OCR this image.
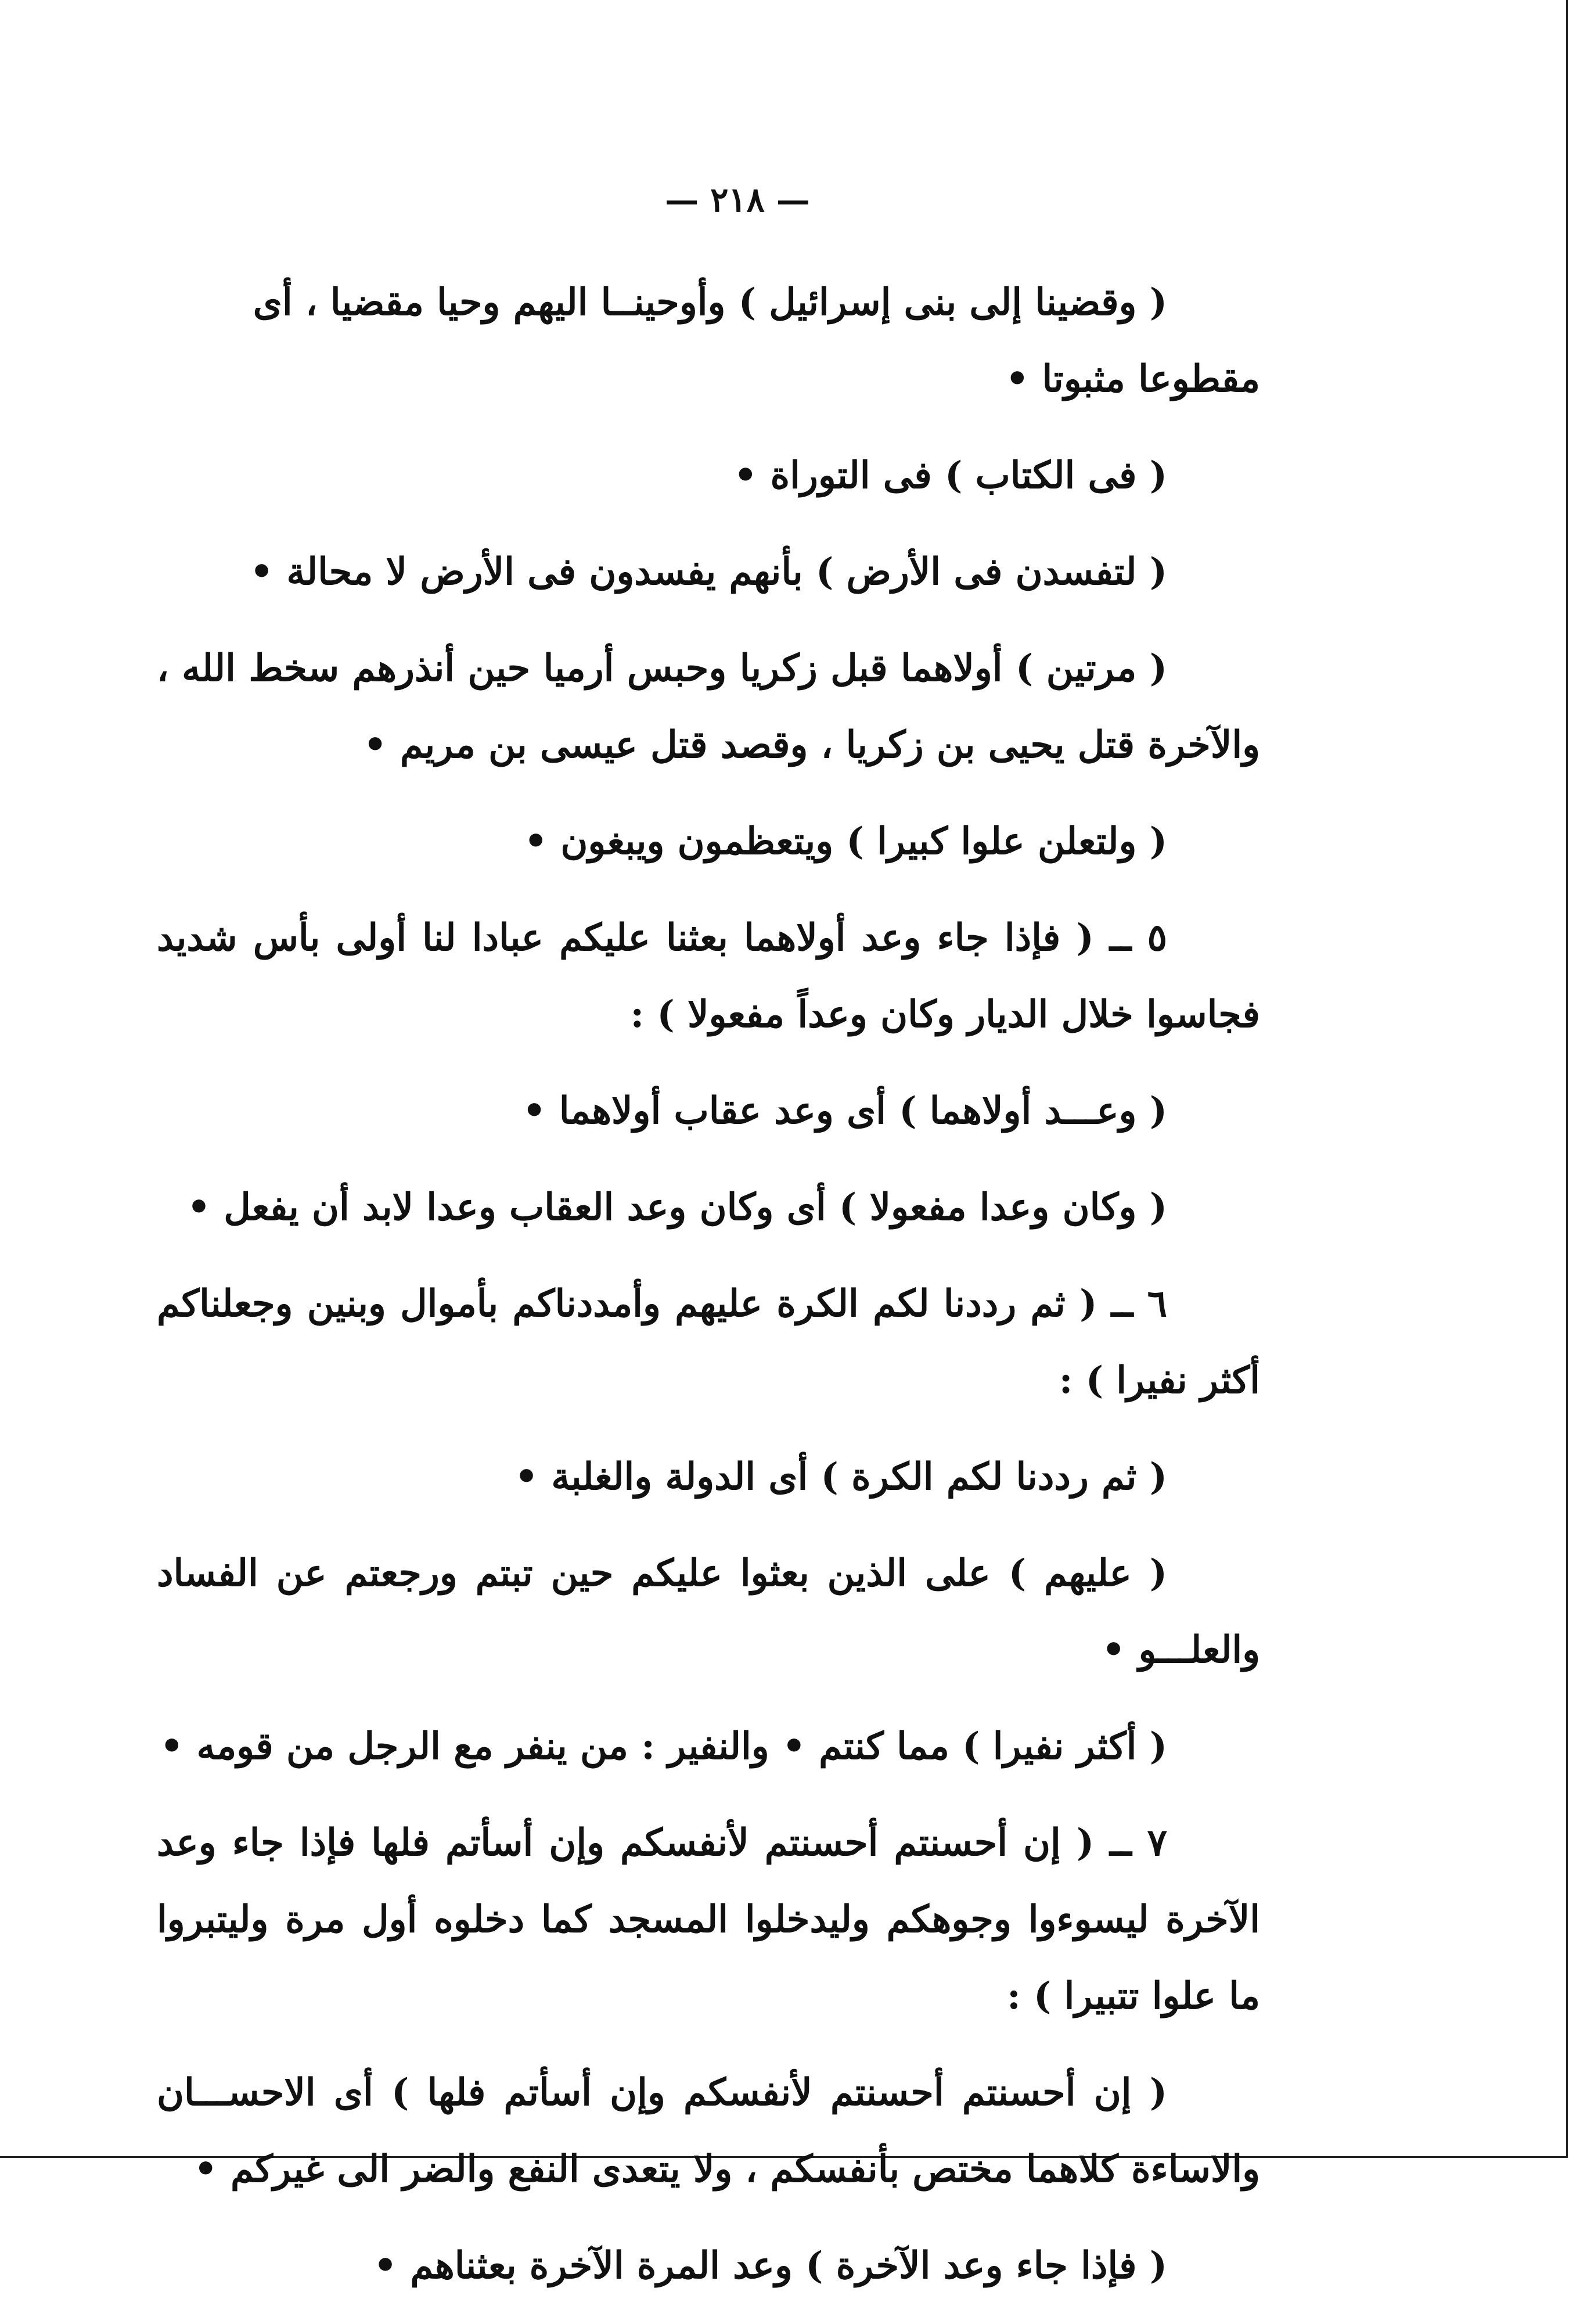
— ٢١٨ —

( وقضينا إلى بنى إسرائيل ) وأوحينــا اليهم وحيا مقضيا ، أى مقطوعا مثبوتا •

( فى الكتاب ) فى التوراة •

( لتفسدن فى الأرض ) بأنهم يفسدون فى الأرض لا محالة •

( مرتين ) أولاهما قبل زكريا وحبس أرميا حين أنذرهم سخط الله ، والآخرة قتل يحيى بن زكريا ، وقصد قتل عيسى بن مريم •

( ولتعلن علوا كبيرا ) ويتعظمون ويبغون •

٥ ــ ( فإذا جاء وعد أولاهما بعثنا عليكم عبادا لنا أولى بأس شديد فجاسوا خلال الديار وكان وعداً مفعولا ) :

( وعـــد أولاهما ) أى وعد عقاب أولاهما •

( وكان وعدا مفعولا ) أى وكان وعد العقاب وعدا لابد أن يفعل •

٦ ــ ( ثم رددنا لكم الكرة عليهم وأمددناكم بأموال وبنين وجعلناكم أكثر نفيرا ) :

( ثم رددنا لكم الكرة ) أى الدولة والغلبة •

( عليهم ) على الذين بعثوا عليكم حين تبتم ورجعتم عن الفساد والعلـــو •

( أكثر نفيرا ) مما كنتم • والنفير : من ينفر مع الرجل من قومه •

٧ ــ ( إن أحسنتم أحسنتم لأنفسكم وإن أسأتم فلها فإذا جاء وعد الآخرة ليسوءوا وجوهكم وليدخلوا المسجد كما دخلوه أول مرة وليتبروا ما علوا تتبيرا ) :

( إن أحسنتم أحسنتم لأنفسكم وإن أسأتم فلها ) أى الاحســـان والاساءة كلاهما مختص بأنفسكم ، ولا يتعدى النفع والضر الى غيركم •

( فإذا جاء وعد الآخرة ) وعد المرة الآخرة بعثناهم •
